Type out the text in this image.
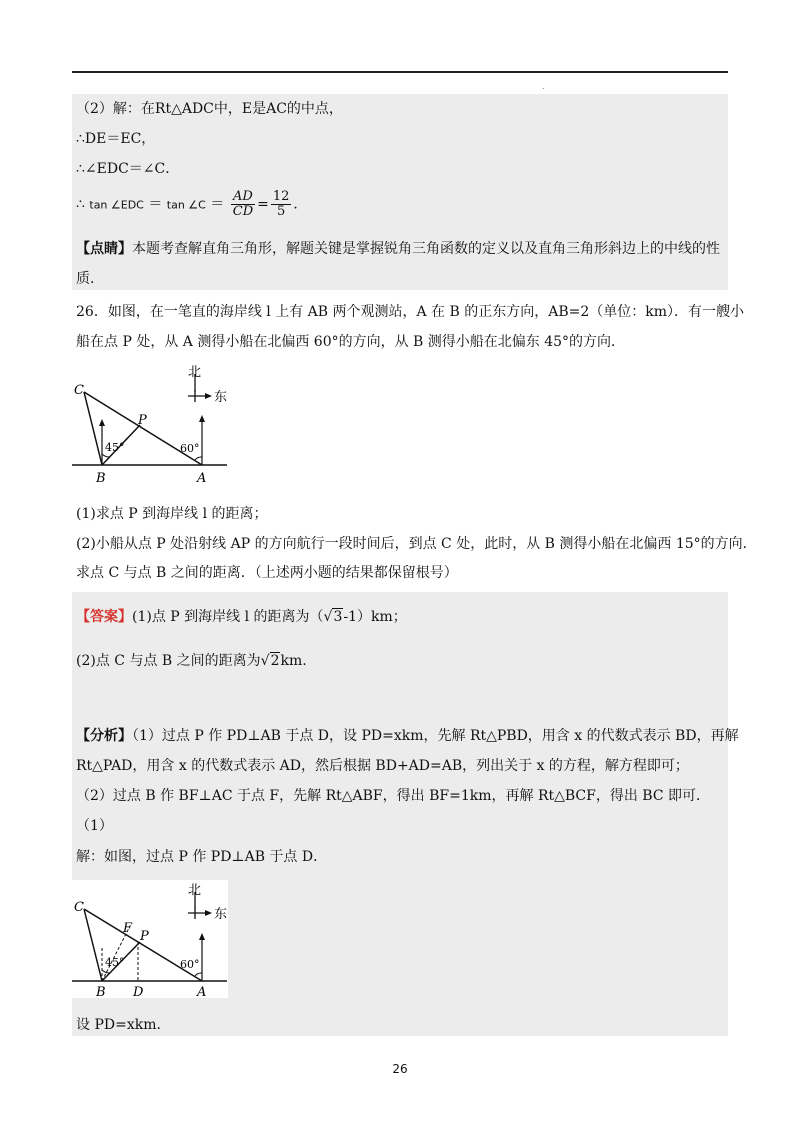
.
（2）解：在Rt△ADC中，E是AC的中点，
∴DE＝EC，
∴∠EDC＝∠C．
∴ tan ∠EDC ＝ tan ∠C ＝ $\frac{AD}{CD} = \frac{12}{5}$ ．
【点睛】本题考查解直角三角形，解题关键是掌握锐角三角函数的定义以及直角三角形斜边上的中线的性
质．
26．如图，在一笔直的海岸线 l 上有 AB 两个观测站，A 在 B 的正东方向，AB=2（单位：km）．有一艘小
船在点 P 处，从 A 测得小船在北偏西 60°的方向，从 B 测得小船在北偏东 45°的方向．
北
东
C
P
B	A
45°	60°
(1)求点 P 到海岸线 l 的距离；
(2)小船从点 P 处沿射线 AP 的方向航行一段时间后，到点 C 处，此时，从 B 测得小船在北偏西 15°的方向．
求点 C 与点 B 之间的距离．（上述两小题的结果都保留根号）
【答案】(1)点 P 到海岸线 l 的距离为（√3-1）km；
(2)点 C 与点 B 之间的距离为√2km.
【分析】（1）过点 P 作 PD⊥AB 于点 D，设 PD=xkm，先解 Rt△PBD，用含 x 的代数式表示 BD，再解
Rt△PAD，用含 x 的代数式表示 AD，然后根据 BD+AD=AB，列出关于 x 的方程，解方程即可；
（2）过点 B 作 BF⊥AC 于点 F，先解 Rt△ABF，得出 BF=1km，再解 Rt△BCF，得出 BC 即可．
（1）
解：如图，过点 P 作 PD⊥AB 于点 D．
北
东
C
F
P
B D	A
45°	60°
设 PD=xkm．
26
